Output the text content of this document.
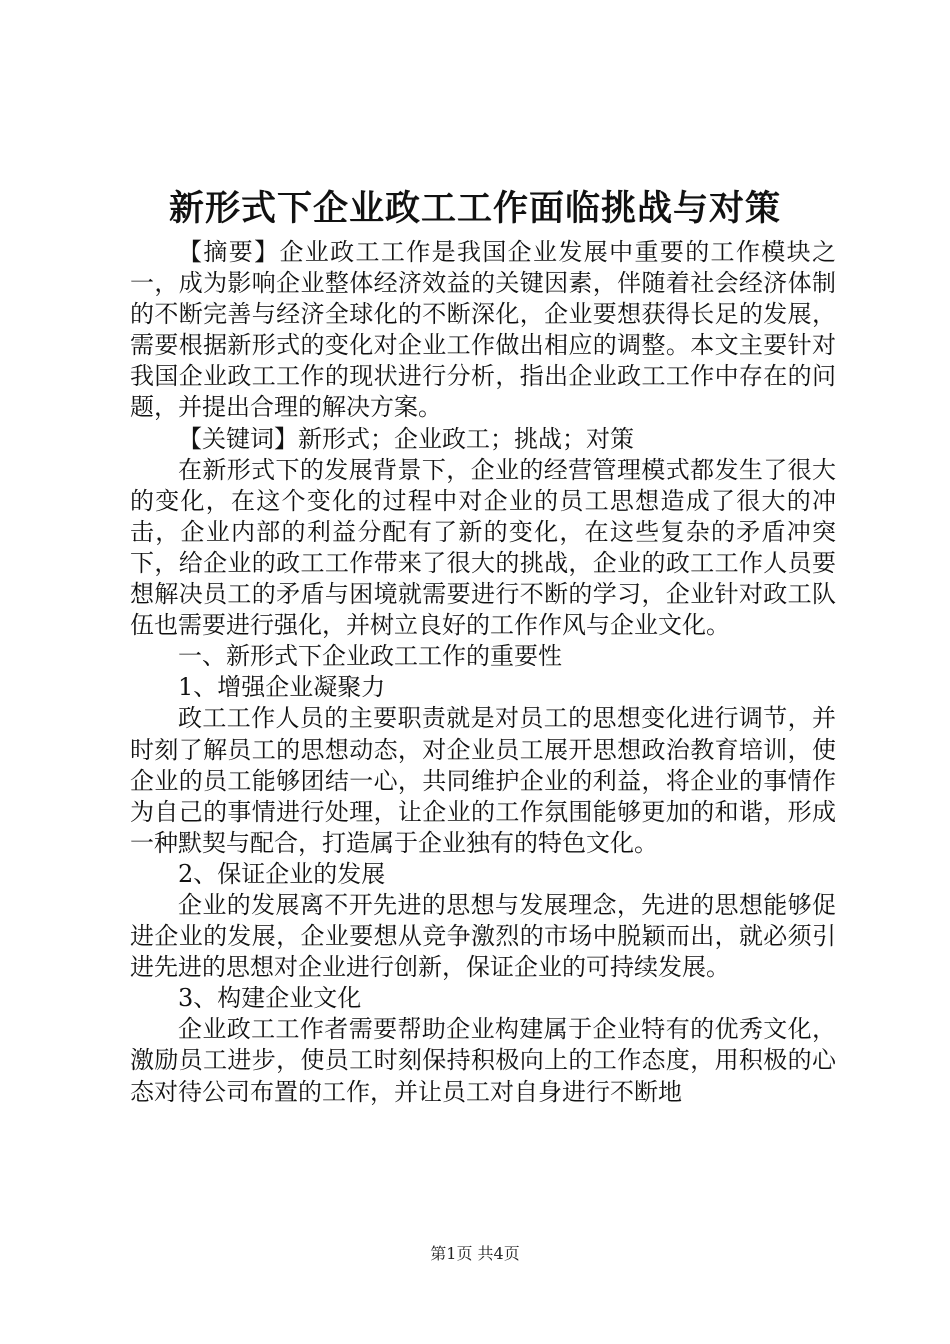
新形式下企业政工工作面临挑战与对策

【摘要】企业政工工作是我国企业发展中重要的工作模块之一，成为影响企业整体经济效益的关键因素，伴随着社会经济体制的不断完善与经济全球化的不断深化，企业要想获得长足的发展，需要根据新形式的变化对企业工作做出相应的调整。本文主要针对我国企业政工工作的现状进行分析，指出企业政工工作中存在的问题，并提出合理的解决方案。

【关键词】新形式；企业政工；挑战；对策

在新形式下的发展背景下，企业的经营管理模式都发生了很大的变化，在这个变化的过程中对企业的员工思想造成了很大的冲击，企业内部的利益分配有了新的变化，在这些复杂的矛盾冲突下，给企业的政工工作带来了很大的挑战，企业的政工工作人员要想解决员工的矛盾与困境就需要进行不断的学习，企业针对政工队伍也需要进行强化，并树立良好的工作作风与企业文化。

一、新形式下企业政工工作的重要性

1、增强企业凝聚力

政工工作人员的主要职责就是对员工的思想变化进行调节，并时刻了解员工的思想动态，对企业员工展开思想政治教育培训，使企业的员工能够团结一心，共同维护企业的利益，将企业的事情作为自己的事情进行处理，让企业的工作氛围能够更加的和谐，形成一种默契与配合，打造属于企业独有的特色文化。

2、保证企业的发展

企业的发展离不开先进的思想与发展理念，先进的思想能够促进企业的发展，企业要想从竞争激烈的市场中脱颖而出，就必须引进先进的思想对企业进行创新，保证企业的可持续发展。

3、构建企业文化

企业政工工作者需要帮助企业构建属于企业特有的优秀文化，激励员工进步，使员工时刻保持积极向上的工作态度，用积极的心态对待公司布置的工作，并让员工对自身进行不断地

第1页 共4页
